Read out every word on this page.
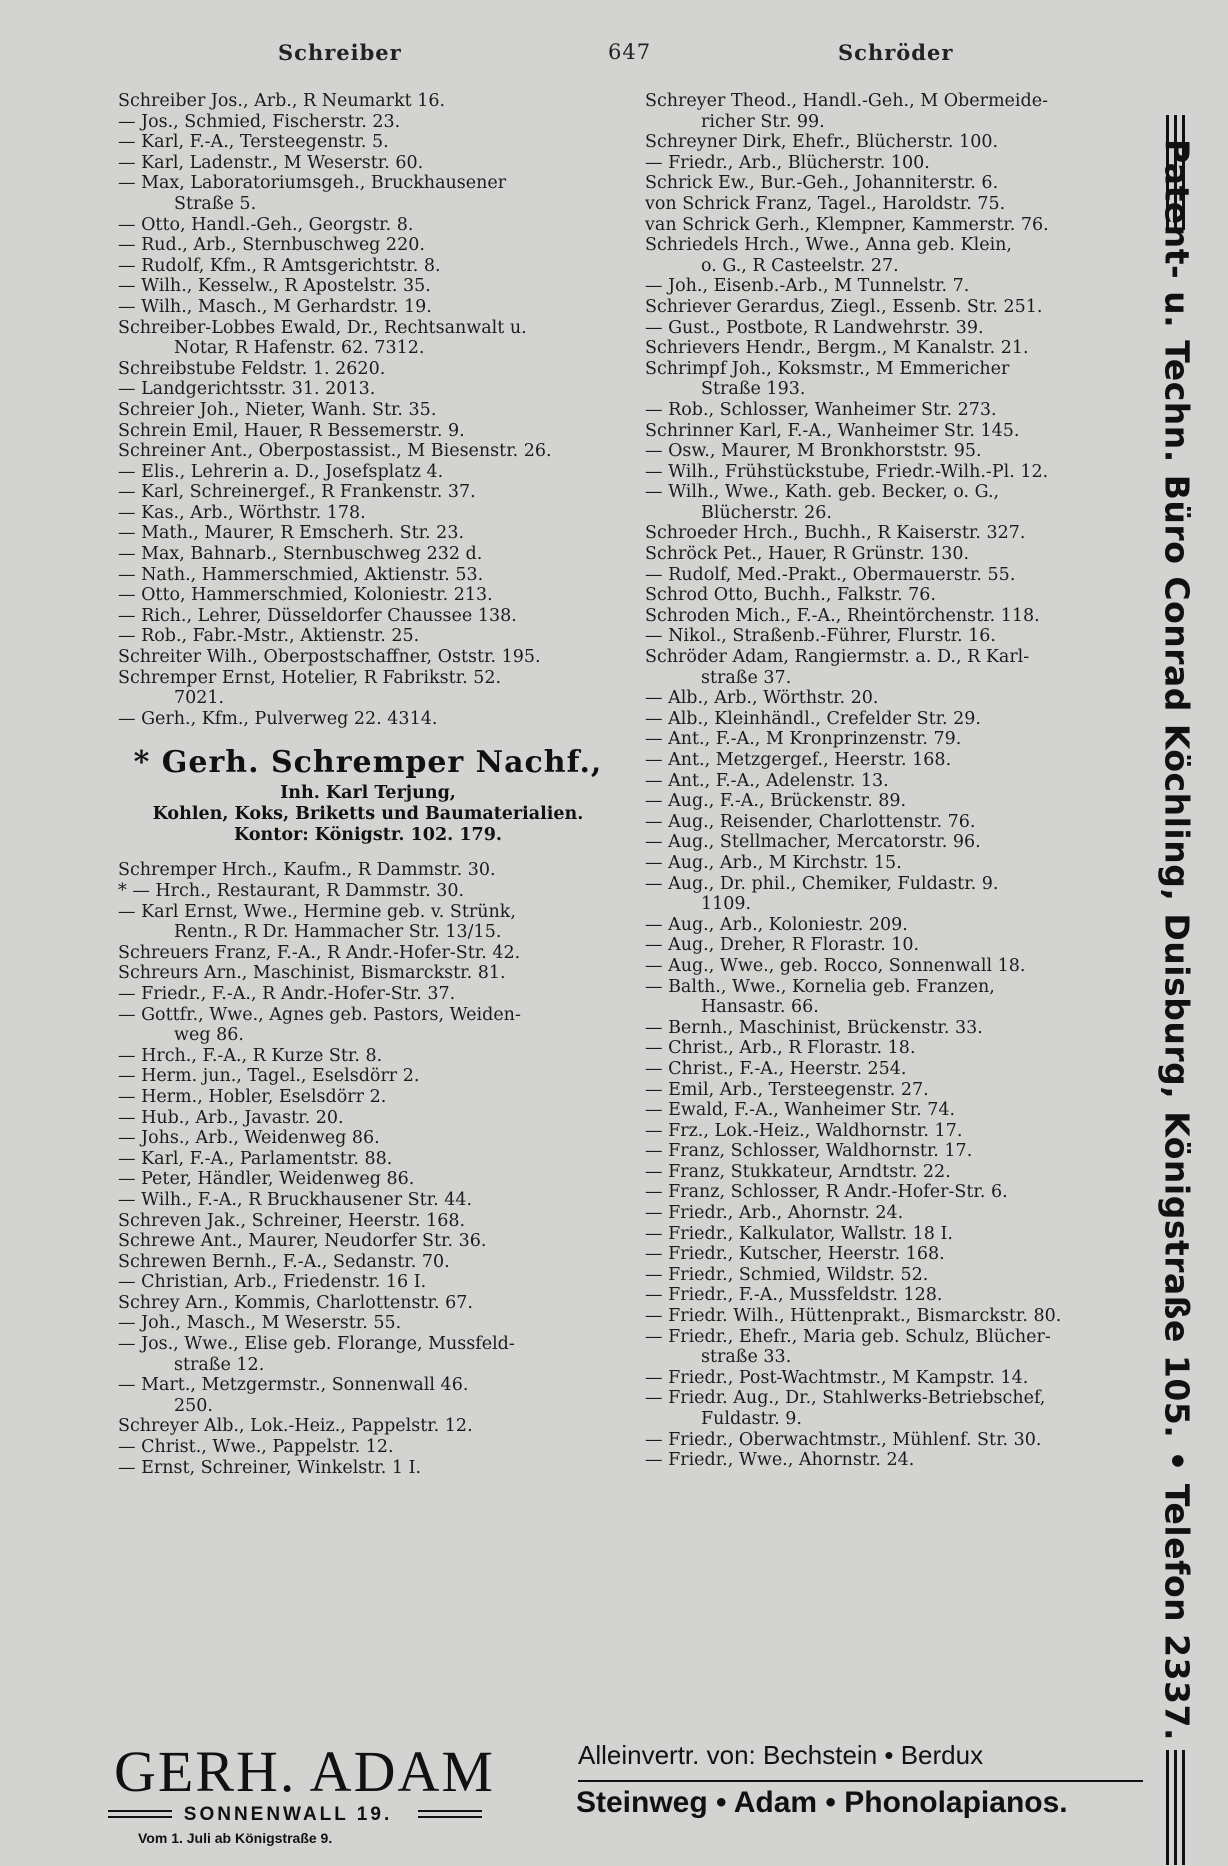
Schreiber	647	Schröder
Schreiber Jos., Arb., R Neumarkt 16.
— Jos., Schmied, Fischerstr. 23.
— Karl, F.-A., Tersteegenstr. 5.
— Karl, Ladenstr., M Weserstr. 60.
— Max, Laboratoriumsgeh., Bruckhausener
Straße 5.
— Otto, Handl.-Geh., Georgstr. 8.
— Rud., Arb., Sternbuschweg 220.
— Rudolf, Kfm., R Amtsgerichtstr. 8.
— Wilh., Kesselw., R Apostelstr. 35.
— Wilh., Masch., M Gerhardstr. 19.
Schreiber-Lobbes Ewald, Dr., Rechtsanwalt u.
Notar, R Hafenstr. 62. 7312.
Schreibstube Feldstr. 1. 2620.
— Landgerichtsstr. 31. 2013.
Schreier Joh., Nieter, Wanh. Str. 35.
Schrein Emil, Hauer, R Bessemerstr. 9.
Schreiner Ant., Oberpostassist., M Biesenstr. 26.
— Elis., Lehrerin a. D., Josefsplatz 4.
— Karl, Schreinergef., R Frankenstr. 37.
— Kas., Arb., Wörthstr. 178.
— Math., Maurer, R Emscherh. Str. 23.
— Max, Bahnarb., Sternbuschweg 232 d.
— Nath., Hammerschmied, Aktienstr. 53.
— Otto, Hammerschmied, Koloniestr. 213.
— Rich., Lehrer, Düsseldorfer Chaussee 138.
— Rob., Fabr.-Mstr., Aktienstr. 25.
Schreiter Wilh., Oberpostschaffner, Oststr. 195.
Schremper Ernst, Hotelier, R Fabrikstr. 52.
7021.
— Gerh., Kfm., Pulverweg 22. 4314.
* Gerh. Schremper Nachf.,
Inh. Karl Terjung,
Kohlen, Koks, Briketts und Baumaterialien.
Kontor: Königstr. 102. 179.
Schremper Hrch., Kaufm., R Dammstr. 30.
* — Hrch., Restaurant, R Dammstr. 30.
— Karl Ernst, Wwe., Hermine geb. v. Strünk,
Rentn., R Dr. Hammacher Str. 13/15.
Schreuers Franz, F.-A., R Andr.-Hofer-Str. 42.
Schreurs Arn., Maschinist, Bismarckstr. 81.
— Friedr., F.-A., R Andr.-Hofer-Str. 37.
— Gottfr., Wwe., Agnes geb. Pastors, Weiden-
weg 86.
— Hrch., F.-A., R Kurze Str. 8.
— Herm. jun., Tagel., Eselsdörr 2.
— Herm., Hobler, Eselsdörr 2.
— Hub., Arb., Javastr. 20.
— Johs., Arb., Weidenweg 86.
— Karl, F.-A., Parlamentstr. 88.
— Peter, Händler, Weidenweg 86.
— Wilh., F.-A., R Bruckhausener Str. 44.
Schreven Jak., Schreiner, Heerstr. 168.
Schrewe Ant., Maurer, Neudorfer Str. 36.
Schrewen Bernh., F.-A., Sedanstr. 70.
— Christian, Arb., Friedenstr. 16 I.
Schrey Arn., Kommis, Charlottenstr. 67.
— Joh., Masch., M Weserstr. 55.
— Jos., Wwe., Elise geb. Florange, Mussfeld-
straße 12.
— Mart., Metzgermstr., Sonnenwall 46.
250.
Schreyer Alb., Lok.-Heiz., Pappelstr. 12.
— Christ., Wwe., Pappelstr. 12.
— Ernst, Schreiner, Winkelstr. 1 I.
Schreyer Theod., Handl.-Geh., M Obermeide-
richer Str. 99.
Schreyner Dirk, Ehefr., Blücherstr. 100.
— Friedr., Arb., Blücherstr. 100.
Schrick Ew., Bur.-Geh., Johanniterstr. 6.
von Schrick Franz, Tagel., Haroldstr. 75.
van Schrick Gerh., Klempner, Kammerstr. 76.
Schriedels Hrch., Wwe., Anna geb. Klein,
o. G., R Casteelstr. 27.
— Joh., Eisenb.-Arb., M Tunnelstr. 7.
Schriever Gerardus, Ziegl., Essenb. Str. 251.
— Gust., Postbote, R Landwehrstr. 39.
Schrievers Hendr., Bergm., M Kanalstr. 21.
Schrimpf Joh., Koksmstr., M Emmericher
Straße 193.
— Rob., Schlosser, Wanheimer Str. 273.
Schrinner Karl, F.-A., Wanheimer Str. 145.
— Osw., Maurer, M Bronkhorststr. 95.
— Wilh., Frühstückstube, Friedr.-Wilh.-Pl. 12.
— Wilh., Wwe., Kath. geb. Becker, o. G.,
Blücherstr. 26.
Schroeder Hrch., Buchh., R Kaiserstr. 327.
Schröck Pet., Hauer, R Grünstr. 130.
— Rudolf, Med.-Prakt., Obermauerstr. 55.
Schrod Otto, Buchh., Falkstr. 76.
Schroden Mich., F.-A., Rheintörchenstr. 118.
— Nikol., Straßenb.-Führer, Flurstr. 16.
Schröder Adam, Rangiermstr. a. D., R Karl-
straße 37.
— Alb., Arb., Wörthstr. 20.
— Alb., Kleinhändl., Crefelder Str. 29.
— Ant., F.-A., M Kronprinzenstr. 79.
— Ant., Metzgergef., Heerstr. 168.
— Ant., F.-A., Adelenstr. 13.
— Aug., F.-A., Brückenstr. 89.
— Aug., Reisender, Charlottenstr. 76.
— Aug., Stellmacher, Mercatorstr. 96.
— Aug., Arb., M Kirchstr. 15.
— Aug., Dr. phil., Chemiker, Fuldastr. 9.
1109.
— Aug., Arb., Koloniestr. 209.
— Aug., Dreher, R Florastr. 10.
— Aug., Wwe., geb. Rocco, Sonnenwall 18.
— Balth., Wwe., Kornelia geb. Franzen,
Hansastr. 66.
— Bernh., Maschinist, Brückenstr. 33.
— Christ., Arb., R Florastr. 18.
— Christ., F.-A., Heerstr. 254.
— Emil, Arb., Tersteegenstr. 27.
— Ewald, F.-A., Wanheimer Str. 74.
— Frz., Lok.-Heiz., Waldhornstr. 17.
— Franz, Schlosser, Waldhornstr. 17.
— Franz, Stukkateur, Arndtstr. 22.
— Franz, Schlosser, R Andr.-Hofer-Str. 6.
— Friedr., Arb., Ahornstr. 24.
— Friedr., Kalkulator, Wallstr. 18 I.
— Friedr., Kutscher, Heerstr. 168.
— Friedr., Schmied, Wildstr. 52.
— Friedr., F.-A., Mussfeldstr. 128.
— Friedr. Wilh., Hüttenprakt., Bismarckstr. 80.
— Friedr., Ehefr., Maria geb. Schulz, Blücher-
straße 33.
— Friedr., Post-Wachtmstr., M Kampstr. 14.
— Friedr. Aug., Dr., Stahlwerks-Betriebschef,
Fuldastr. 9.
— Friedr., Oberwachtmstr., Mühlenf. Str. 30.
— Friedr., Wwe., Ahornstr. 24.	Patent- u. Techn. Büro Conrad Köchling, Duisburg, Königstraße 105. • Telefon 2337.
GERH. ADAM
SONNENWALL 19.
Vom 1. Juli ab Königstraße 9.
Alleinvertr. von: Bechstein • Berdux
Steinweg • Adam • Phonolapianos.
